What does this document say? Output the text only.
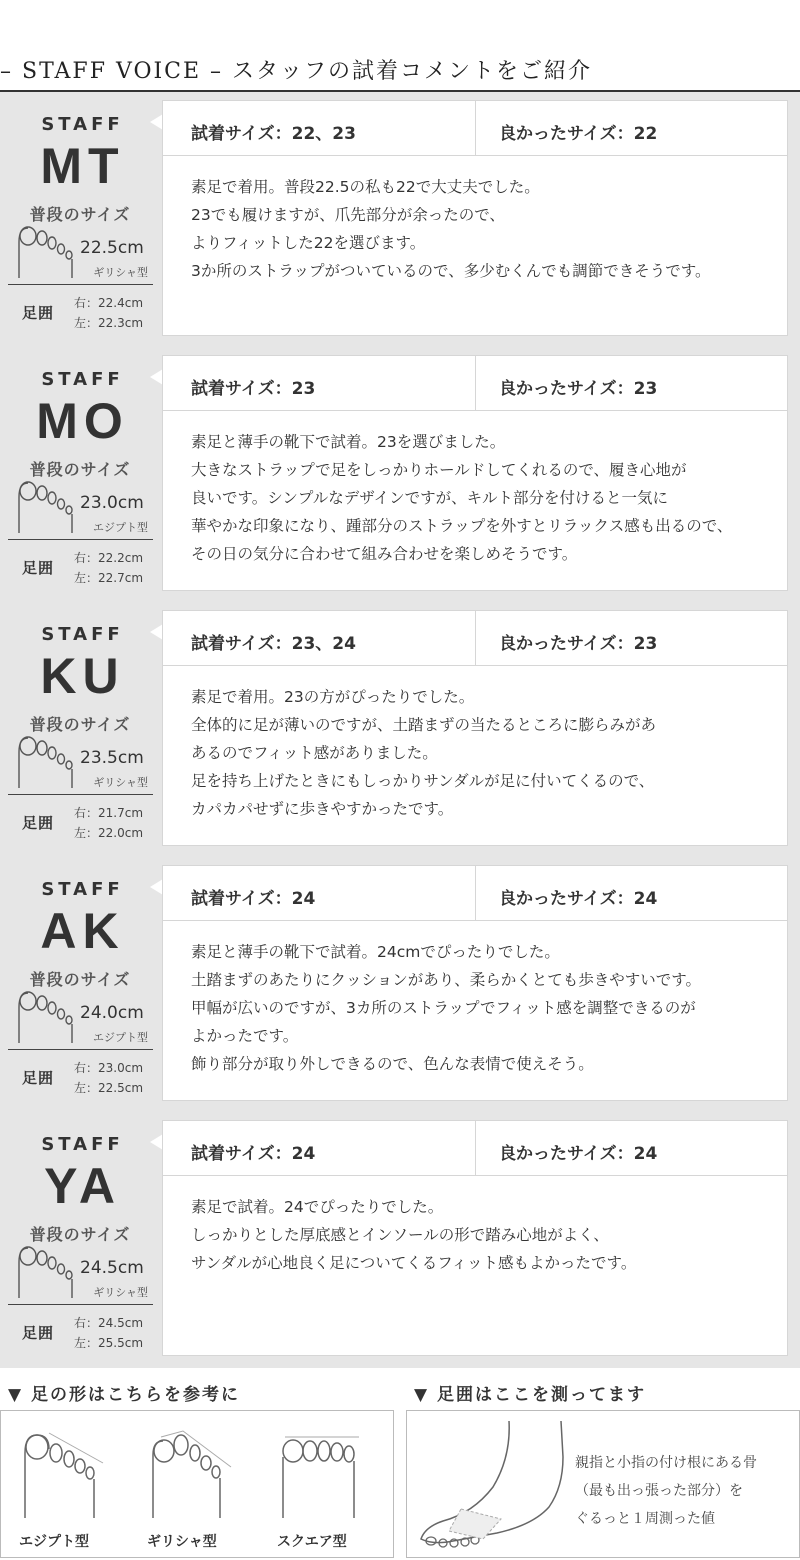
– STAFF VOICE – スタッフの試着コメントをご紹介
STAFF
MT
普段のサイズ
22.5cm
ギリシャ型
足囲
右：22.4cm
左：22.3cm
試着サイズ：22、23	良かったサイズ：22
素足で着用。普段22.5の私も22で大丈夫でした。
23でも履けますが、爪先部分が余ったので、
よりフィットした22を選びます。
3か所のストラップがついているので、多少むくんでも調節できそうです。
STAFF
MO
普段のサイズ
23.0cm
エジプト型
足囲
右：22.2cm
左：22.7cm
試着サイズ：23	良かったサイズ：23
素足と薄手の靴下で試着。23を選びました。
大きなストラップで足をしっかりホールドしてくれるので、履き心地が
良いです。シンプルなデザインですが、キルト部分を付けると一気に
華やかな印象になり、踵部分のストラップを外すとリラックス感も出るので、
その日の気分に合わせて組み合わせを楽しめそうです。
STAFF
KU
普段のサイズ
23.5cm
ギリシャ型
足囲
右：21.7cm
左：22.0cm
試着サイズ：23、24	良かったサイズ：23
素足で着用。23の方がぴったりでした。
全体的に足が薄いのですが、土踏まずの当たるところに膨らみがあ
あるのでフィット感がありました。
足を持ち上げたときにもしっかりサンダルが足に付いてくるので、
カパカパせずに歩きやすかったです。
STAFF
AK
普段のサイズ
24.0cm
エジプト型
足囲
右：23.0cm
左：22.5cm
試着サイズ：24	良かったサイズ：24
素足と薄手の靴下で試着。24cmでぴったりでした。
土踏まずのあたりにクッションがあり、柔らかくとても歩きやすいです。
甲幅が広いのですが、3カ所のストラップでフィット感を調整できるのが
よかったです。
飾り部分が取り外しできるので、色んな表情で使えそう。
STAFF
YA
普段のサイズ
24.5cm
ギリシャ型
足囲
右：24.5cm
左：25.5cm
試着サイズ：24	良かったサイズ：24
素足で試着。24でぴったりでした。
しっかりとした厚底感とインソールの形で踏み心地がよく、
サンダルが心地良く足についてくるフィット感もよかったです。
▼ 足の形はこちらを参考に	▼ 足囲はここを測ってます
エジプト型	ギリシャ型	スクエア型
親指と小指の付け根にある骨
（最も出っ張った部分）を
ぐるっと１周測った値
